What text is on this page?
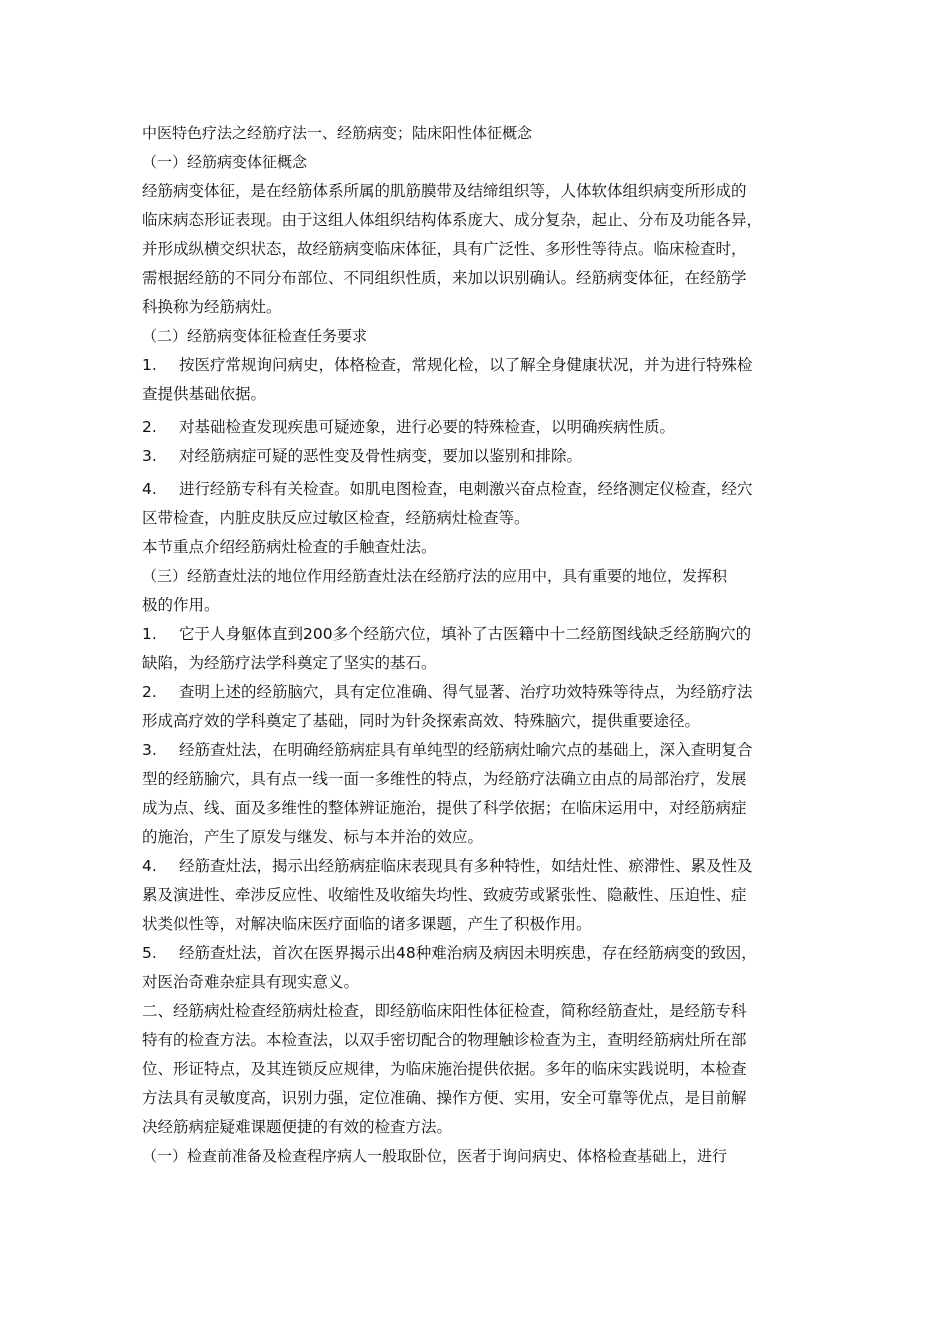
中医特色疗法之经筋疗法一、经筋病变；陆床阳性体征概念
（一）经筋病变体征概念
经筋病变体征，是在经筋体系所属的肌筋膜带及结缔组织等，人体软体组织病变所形成的
临床病态形证表现。由于这组人体组织结构体系庞大、成分复杂，起止、分布及功能各异，
并形成纵横交织状态，故经筋病变临床体征，具有广泛性、多形性等待点。临床检查时，
需根据经筋的不同分布部位、不同组织性质，来加以识别确认。经筋病变体征，在经筋学
科换称为经筋病灶。
（二）经筋病变体征检查任务要求
1. 按医疗常规询问病史，体格检查，常规化检，以了解全身健康状况，并为进行特殊检
查提供基础依据。
2. 对基础检查发现疾患可疑迹象，进行必要的特殊检查，以明确疾病性质。
3. 对经筋病症可疑的恶性变及骨性病变，要加以鉴别和排除。
4. 进行经筋专科有关检查。如肌电图检查，电刺激兴奋点检查，经络测定仪检查，经穴
区带检查，内脏皮肤反应过敏区检查，经筋病灶检查等。
本节重点介绍经筋病灶检查的手触查灶法。
（三）经筋查灶法的地位作用经筋查灶法在经筋疗法的应用中，具有重要的地位，发挥积
极的作用。
1. 它于人身躯体直到200多个经筋穴位，填补了古医籍中十二经筋图线缺乏经筋胸穴的
缺陷，为经筋疗法学科奠定了坚实的基石。
2. 查明上述的经筋脑穴，具有定位准确、得气显著、治疗功效特殊等待点，为经筋疗法
形成高疗效的学科奠定了基础，同时为针灸探索高效、特殊脑穴，提供重要途径。
3. 经筋查灶法，在明确经筋病症具有单纯型的经筋病灶喻穴点的基础上，深入查明复合
型的经筋腧穴，具有点一线一面一多维性的特点，为经筋疗法确立由点的局部治疗，发展
成为点、线、面及多维性的整体辨证施治，提供了科学依据；在临床运用中，对经筋病症
的施治，产生了原发与继发、标与本并治的效应。
4. 经筋查灶法，揭示出经筋病症临床表现具有多种特性，如结灶性、瘀滞性、累及性及
累及演进性、牵涉反应性、收缩性及收缩失均性、致疲劳或紧张性、隐蔽性、压迫性、症
状类似性等，对解决临床医疗面临的诸多课题，产生了积极作用。
5. 经筋查灶法，首次在医界揭示出48种难治病及病因未明疾患，存在经筋病变的致因，
对医治奇难杂症具有现实意义。
二、经筋病灶检查经筋病灶检查，即经筋临床阳性体征检查，简称经筋查灶，是经筋专科
特有的检查方法。本检查法，以双手密切配合的物理触诊检查为主，查明经筋病灶所在部
位、形证特点，及其连锁反应规律，为临床施治提供依据。多年的临床实践说明，本检查
方法具有灵敏度高，识别力强，定位准确、操作方便、实用，安全可靠等优点，是目前解
决经筋病症疑难课题便捷的有效的检查方法。
（一）检查前准备及检查程序病人一般取卧位，医者于询问病史、体格检查基础上，进行
